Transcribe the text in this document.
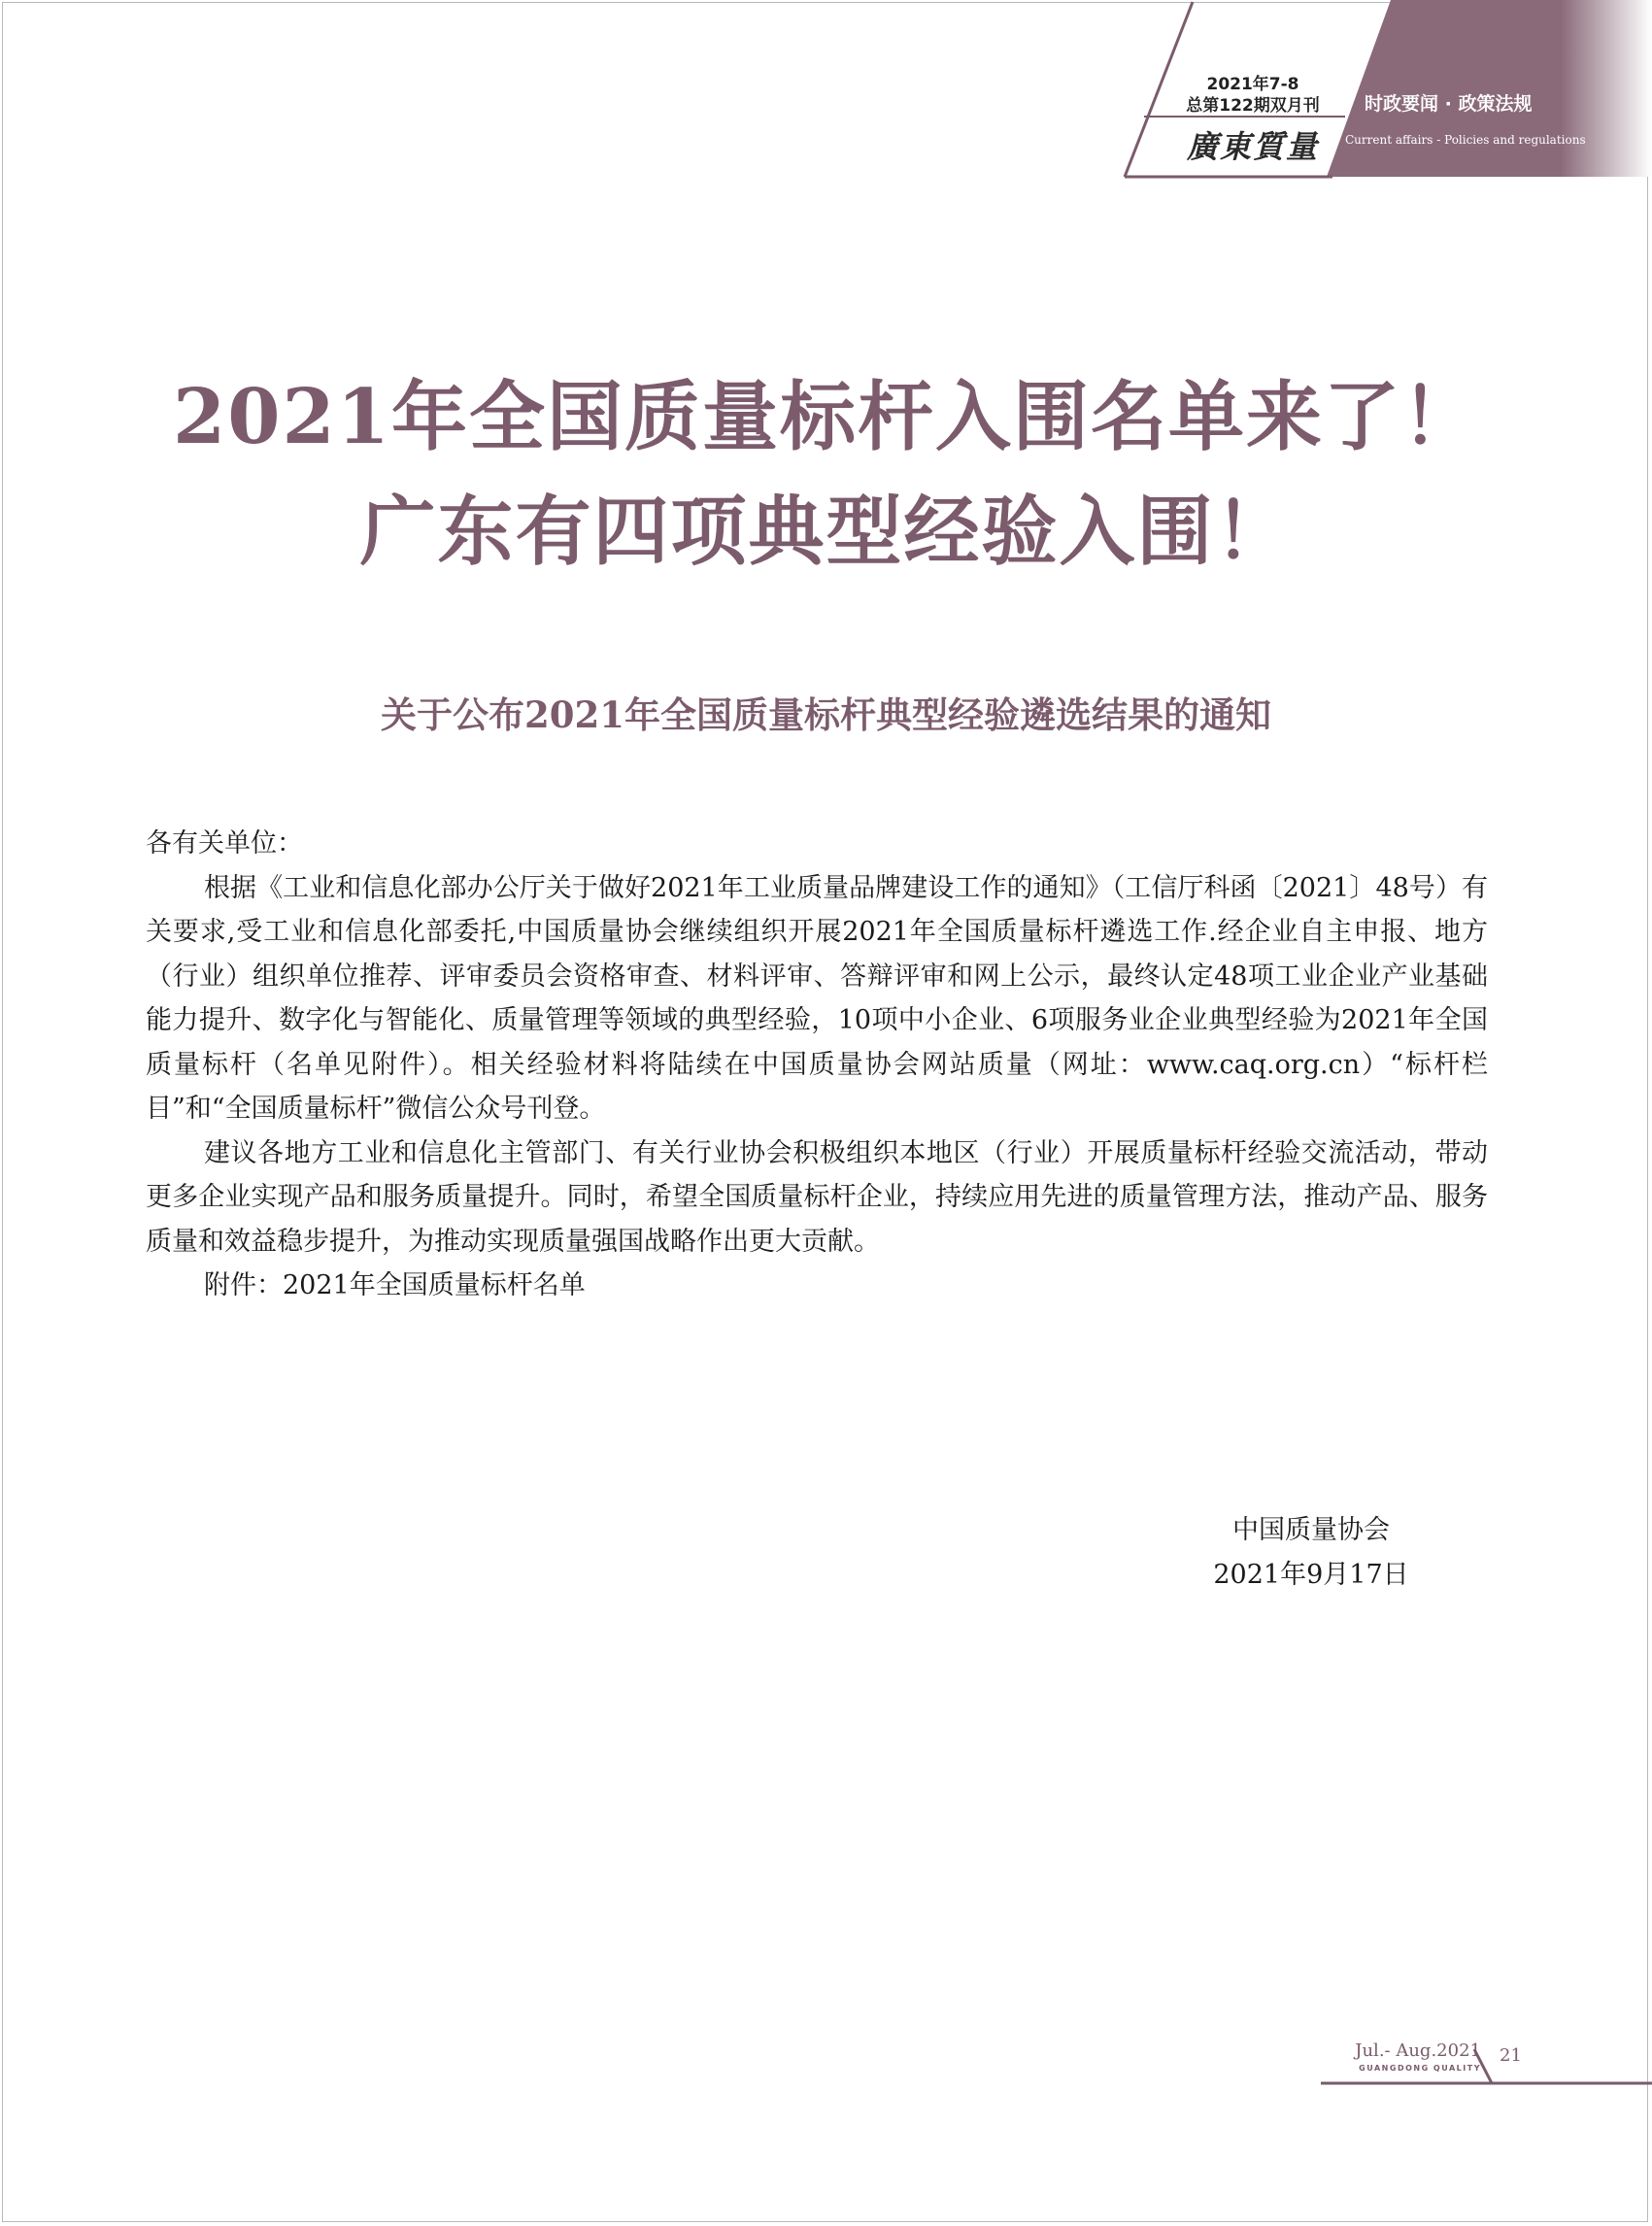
2021年7-8
总第122期双月刊
廣東質量
时政要闻 · 政策法规
Current affairs - Policies and regulations
2021年全国质量标杆入围名单来了！
广东有四项典型经验入围！
关于公布2021年全国质量标杆典型经验遴选结果的通知

各有关单位：

根据《工业和信息化部办公厅关于做好2021年工业质量品牌建设工作的通知》（工信厅科函〔2021〕48号）有关要求,受工业和信息化部委托,中国质量协会继续组织开展2021年全国质量标杆遴选工作.经企业自主申报、地方（行业）组织单位推荐、评审委员会资格审查、材料评审、答辩评审和网上公示，最终认定48项工业企业产业基础能力提升、数字化与智能化、质量管理等领域的典型经验，10项中小企业、6项服务业企业典型经验为2021年全国质量标杆（名单见附件）。相关经验材料将陆续在中国质量协会网站质量（网址：www.caq.org.cn）“标杆栏目”和“全国质量标杆”微信公众号刊登。

建议各地方工业和信息化主管部门、有关行业协会积极组织本地区（行业）开展质量标杆经验交流活动，带动更多企业实现产品和服务质量提升。同时，希望全国质量标杆企业，持续应用先进的质量管理方法，推动产品、服务质量和效益稳步提升，为推动实现质量强国战略作出更大贡献。

附件：2021年全国质量标杆名单

中国质量协会
2021年9月17日
Jul.- Aug.2021
GUANGDONG QUALITY
21
